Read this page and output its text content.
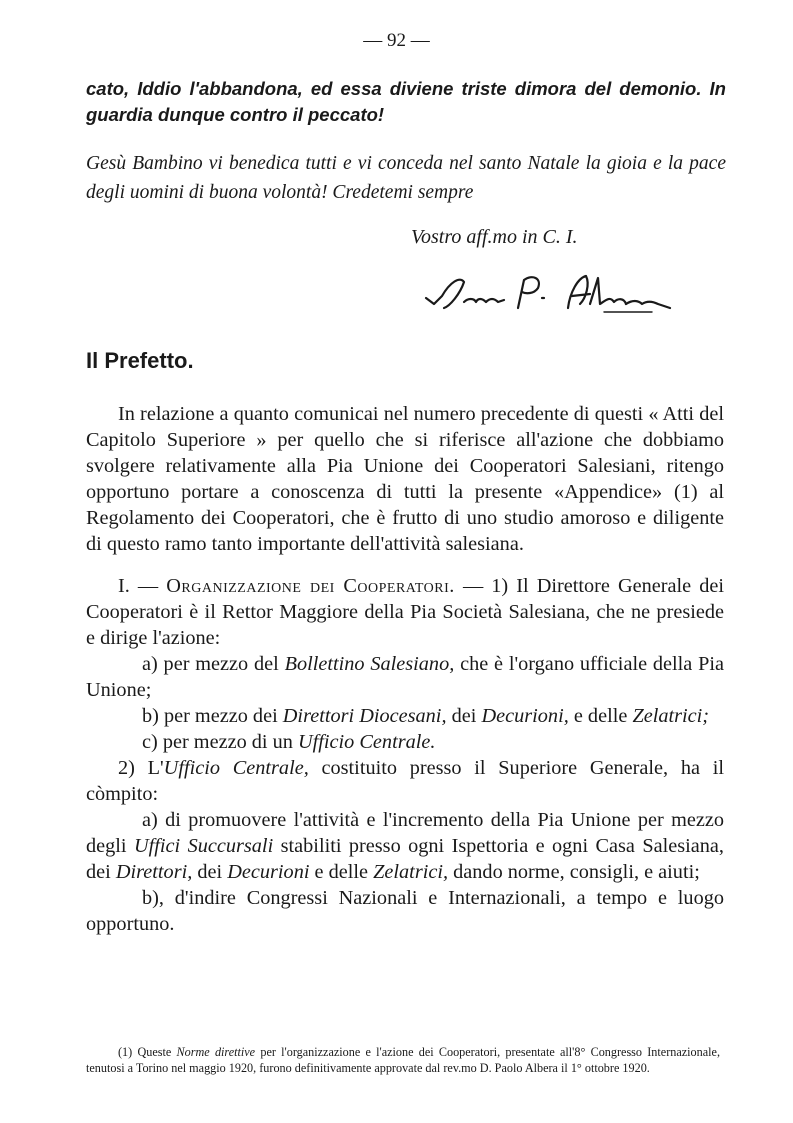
— 92 —
cato, Iddio l'abbandona, ed essa diviene triste dimora del demonio. In guardia dunque contro il peccato!
Gesù Bambino vi benedica tutti e vi conceda nel santo Natale la gioia e la pace degli uomini di buona volontà! Credetemi sempre
Vostro aff.mo in C. I.
Il Prefetto.

In relazione a quanto comunicai nel numero precedente di questi « Atti del Capitolo Superiore » per quello che si riferisce all'azione che dobbiamo svolgere relativamente alla Pia Unione dei Cooperatori Salesiani, ritengo opportuno portare a conoscenza di tutti la presente «Appendice» (1) al Regolamento dei Cooperatori, che è frutto di uno studio amoroso e diligente di questo ramo tanto importante dell'attività salesiana.

I. — Organizzazione dei Cooperatori. — 1) Il Direttore Generale dei Cooperatori è il Rettor Maggiore della Pia Società Salesiana, che ne presiede e dirige l'azione:

a) per mezzo del Bollettino Salesiano, che è l'organo ufficiale della Pia Unione;

b) per mezzo dei Direttori Diocesani, dei Decurioni, e delle Zelatrici;

c) per mezzo di un Ufficio Centrale.

2) L'Ufficio Centrale, costituito presso il Superiore Generale, ha il còmpito:

a) di promuovere l'attività e l'incremento della Pia Unione per mezzo degli Uffici Succursali stabiliti presso ogni Ispettoria e ogni Casa Salesiana, dei Direttori, dei Decurioni e delle Zelatrici, dando norme, consigli, e aiuti;

b), d'indire Congressi Nazionali e Internazionali, a tempo e luogo opportuno.

(1) Queste Norme direttive per l'organizzazione e l'azione dei Cooperatori, presentate all'8° Congresso Internazionale, tenutosi a Torino nel maggio 1920, furono definitivamente approvate dal rev.mo D. Paolo Albera il 1° ottobre 1920.
